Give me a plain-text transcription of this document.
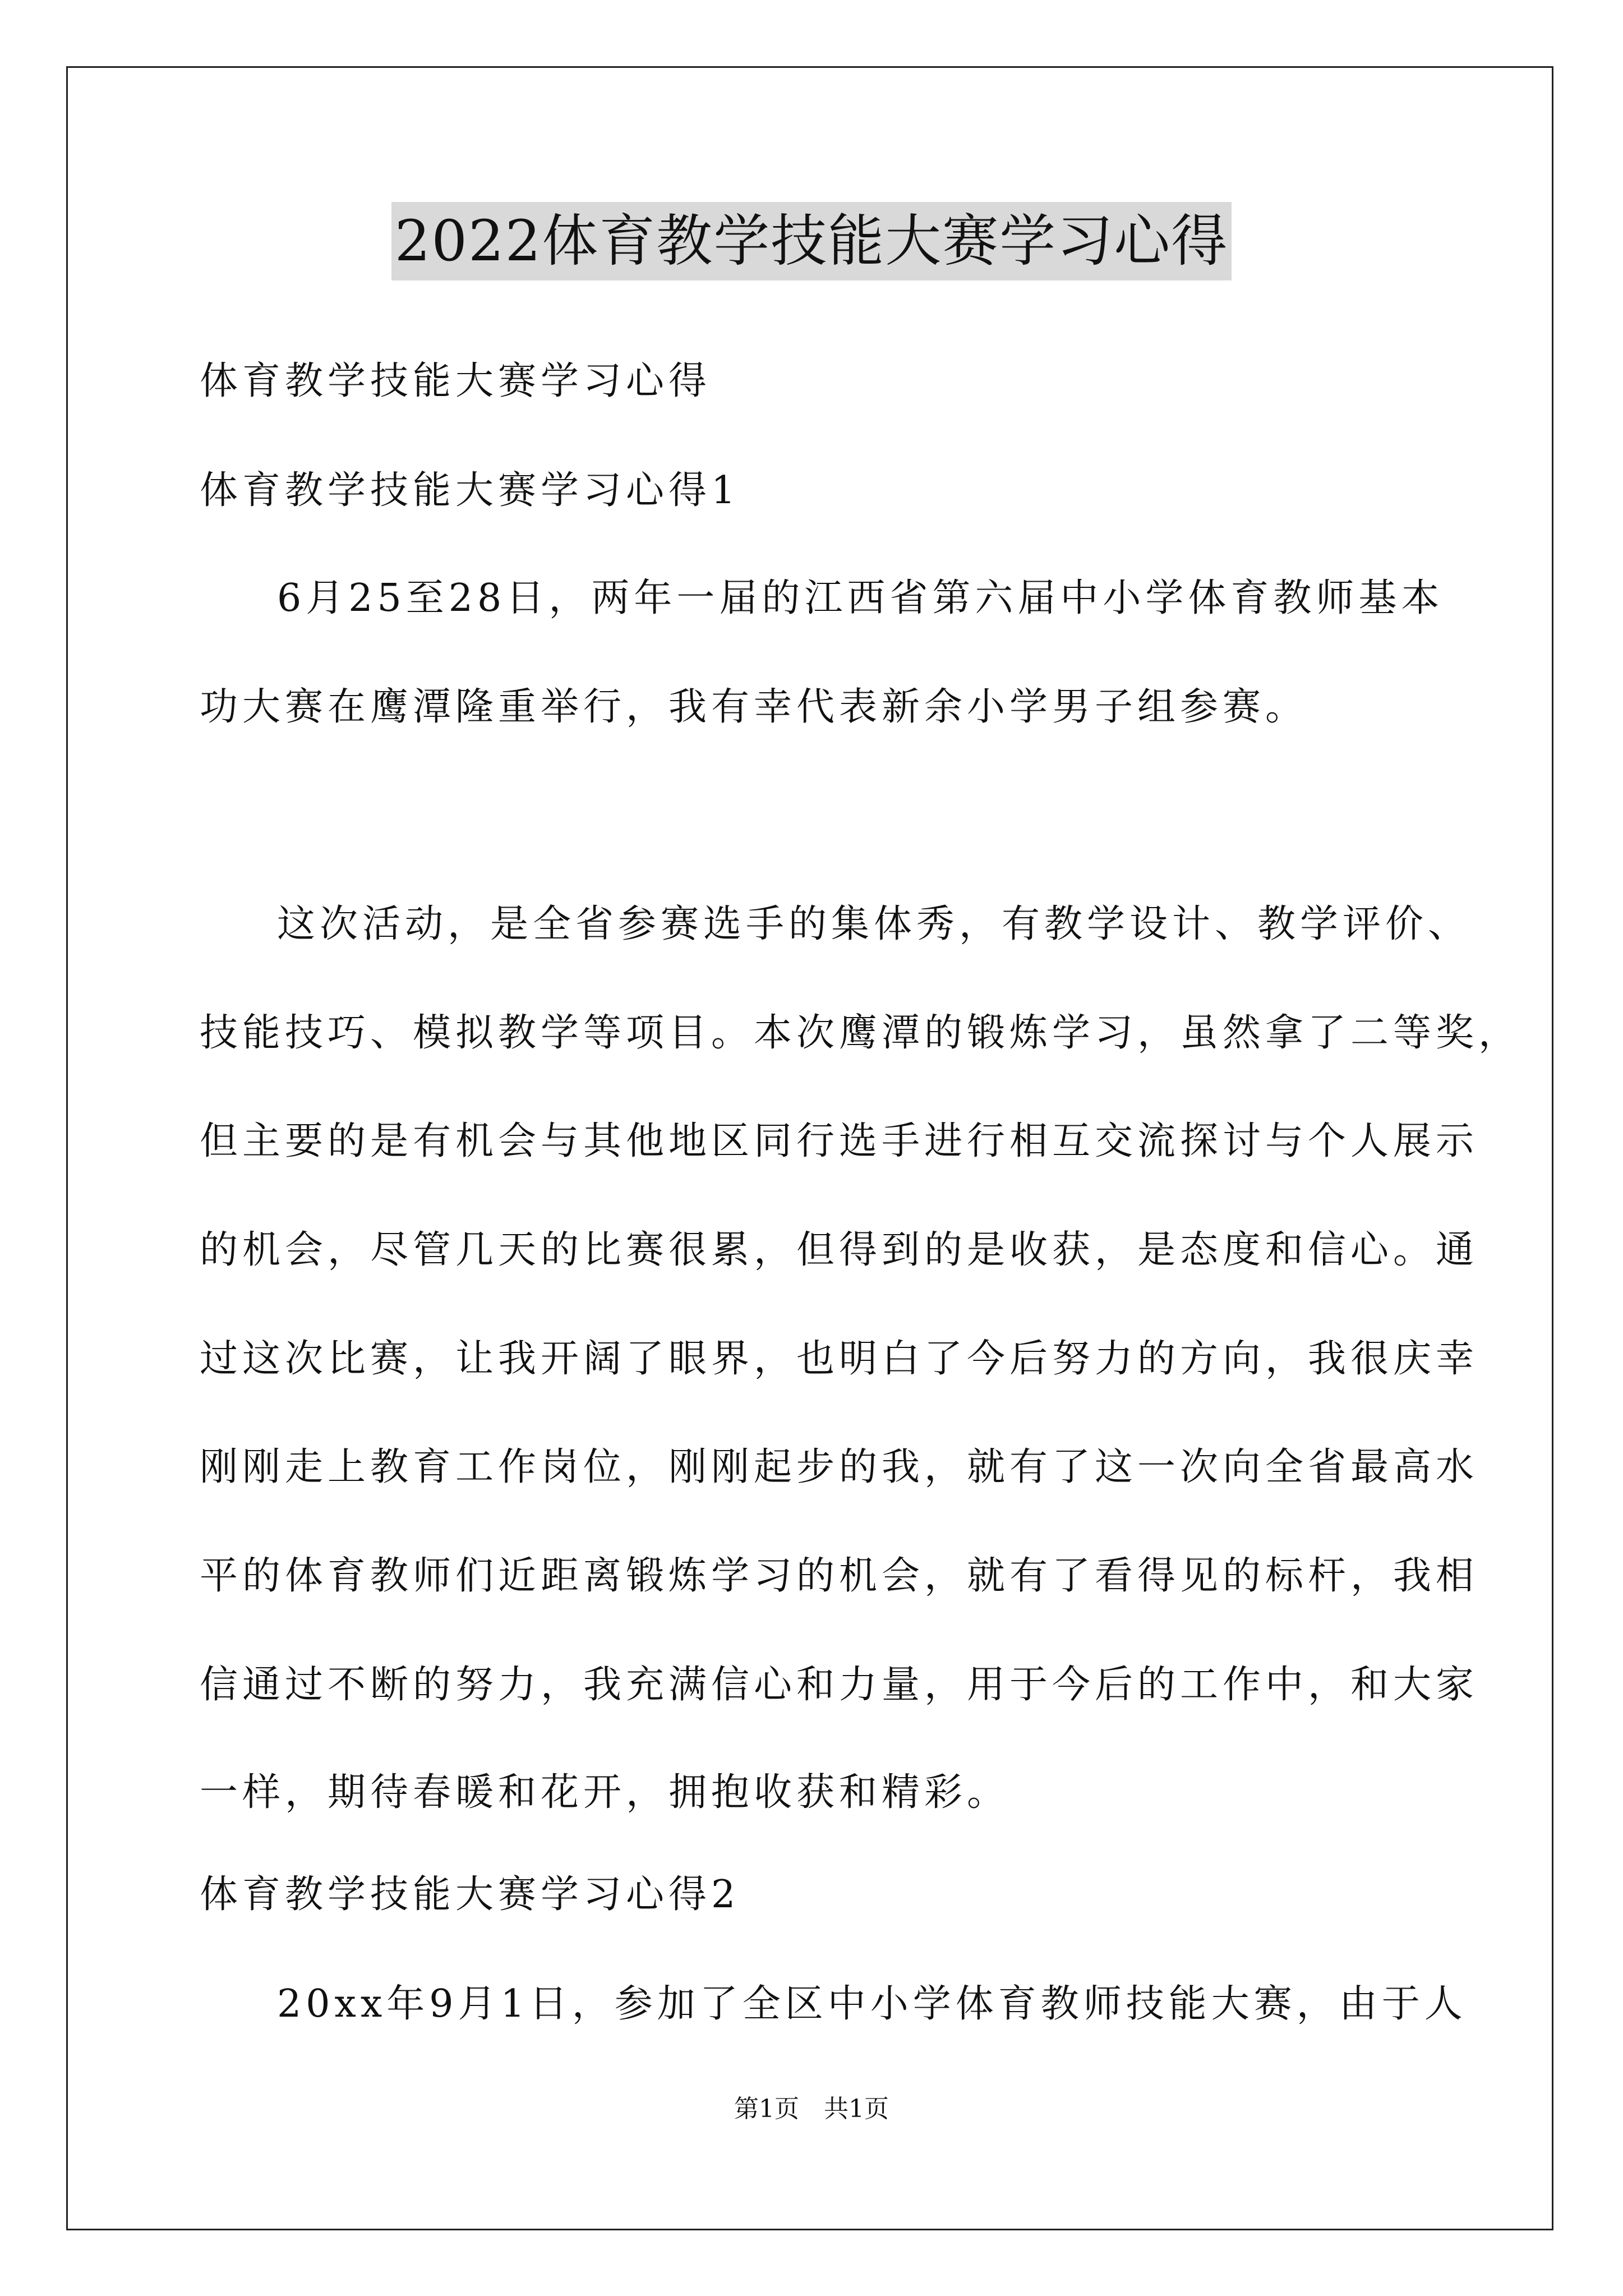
2022体育教学技能大赛学习心得
体育教学技能大赛学习心得
体育教学技能大赛学习心得1
6月25至28日，两年一届的江西省第六届中小学体育教师基本
功大赛在鹰潭隆重举行，我有幸代表新余小学男子组参赛。
这次活动，是全省参赛选手的集体秀，有教学设计、教学评价、
技能技巧、模拟教学等项目。本次鹰潭的锻炼学习，虽然拿了二等奖，
但主要的是有机会与其他地区同行选手进行相互交流探讨与个人展示
的机会，尽管几天的比赛很累，但得到的是收获，是态度和信心。通
过这次比赛，让我开阔了眼界，也明白了今后努力的方向，我很庆幸
刚刚走上教育工作岗位，刚刚起步的我，就有了这一次向全省最高水
平的体育教师们近距离锻炼学习的机会，就有了看得见的标杆，我相
信通过不断的努力，我充满信心和力量，用于今后的工作中，和大家
一样，期待春暖和花开，拥抱收获和精彩。
体育教学技能大赛学习心得2
20xx年9月1日，参加了全区中小学体育教师技能大赛，由于人
第1页　共1页
